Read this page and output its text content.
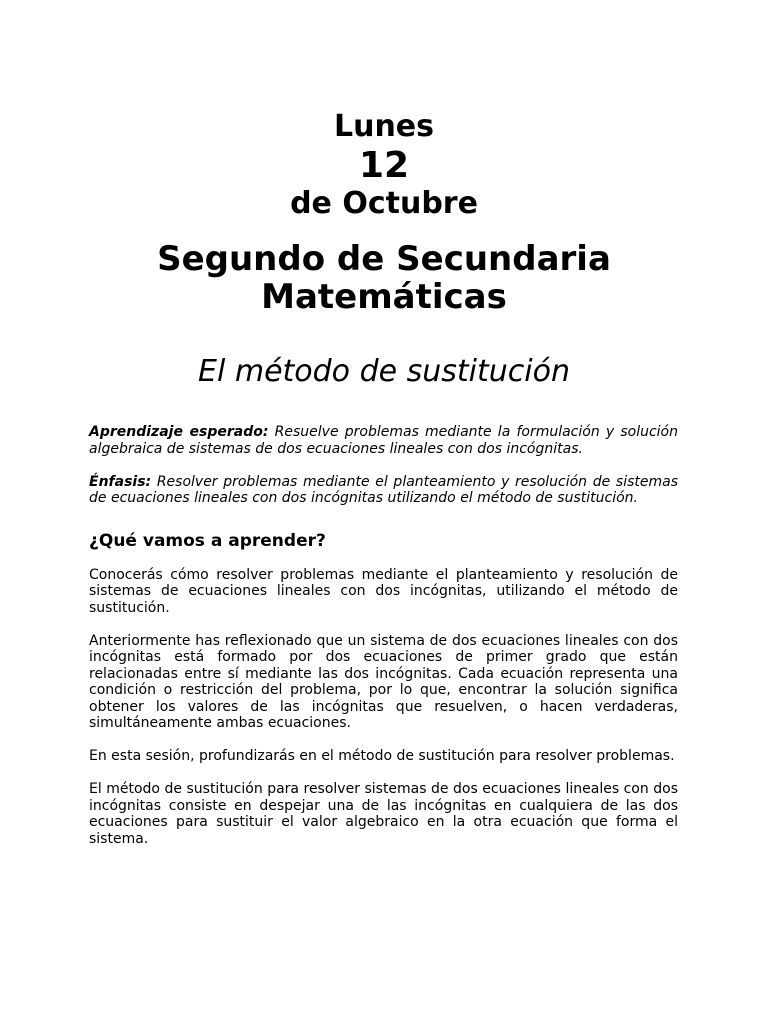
Lunes
12
de Octubre
Segundo de Secundaria
Matemáticas
El método de sustitución

Aprendizaje esperado: Resuelve problemas mediante la formulación y solución algebraica de sistemas de dos ecuaciones lineales con dos incógnitas.

Énfasis: Resolver problemas mediante el planteamiento y resolución de sistemas de ecuaciones lineales con dos incógnitas utilizando el método de sustitución.

¿Qué vamos a aprender?

Conocerás cómo resolver problemas mediante el planteamiento y resolución de sistemas de ecuaciones lineales con dos incógnitas, utilizando el método de sustitución.

Anteriormente has reflexionado que un sistema de dos ecuaciones lineales con dos incógnitas está formado por dos ecuaciones de primer grado que están relacionadas entre sí mediante las dos incógnitas. Cada ecuación representa una condición o restricción del problema, por lo que, encontrar la solución significa obtener los valores de las incógnitas que resuelven, o hacen verdaderas, simultáneamente ambas ecuaciones.

En esta sesión, profundizarás en el método de sustitución para resolver problemas.

El método de sustitución para resolver sistemas de dos ecuaciones lineales con dos incógnitas consiste en despejar una de las incógnitas en cualquiera de las dos ecuaciones para sustituir el valor algebraico en la otra ecuación que forma el sistema.
